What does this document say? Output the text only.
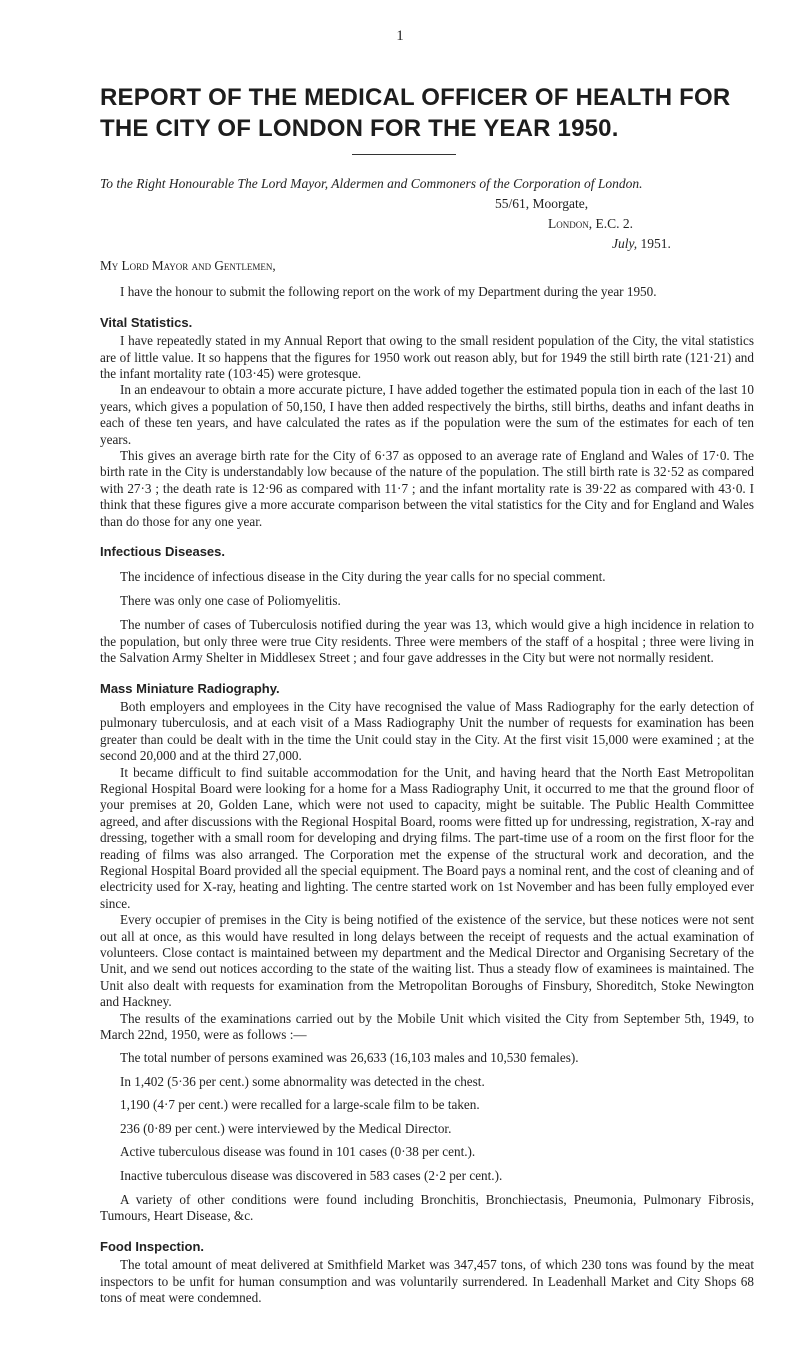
1
REPORT OF THE MEDICAL OFFICER OF HEALTH FOR THE CITY OF LONDON FOR THE YEAR 1950.
To the Right Honourable The Lord Mayor, Aldermen and Commoners of the Corporation of London.
55/61, Moorgate,
London, E.C. 2.
July, 1951.

My Lord Mayor and Gentlemen,

I have the honour to submit the following report on the work of my Department during the year 1950.

Vital Statistics.

I have repeatedly stated in my Annual Report that owing to the small resident population of the City, the vital statistics are of little value. It so happens that the figures for 1950 work out reason ably, but for 1949 the still birth rate (121·21) and the infant mortality rate (103·45) were grotesque.

In an endeavour to obtain a more accurate picture, I have added together the estimated popula tion in each of the last 10 years, which gives a population of 50,150, I have then added respectively the births, still births, deaths and infant deaths in each of these ten years, and have calculated the rates as if the population were the sum of the estimates for each of ten years.

This gives an average birth rate for the City of 6·37 as opposed to an average rate of England and Wales of 17·0. The birth rate in the City is understandably low because of the nature of the population. The still birth rate is 32·52 as compared with 27·3 ; the death rate is 12·96 as compared with 11·7 ; and the infant mortality rate is 39·22 as compared with 43·0. I think that these figures give a more accurate comparison between the vital statistics for the City and for England and Wales than do those for any one year.

Infectious Diseases.

The incidence of infectious disease in the City during the year calls for no special comment.

There was only one case of Poliomyelitis.

The number of cases of Tuberculosis notified during the year was 13, which would give a high incidence in relation to the population, but only three were true City residents. Three were members of the staff of a hospital ; three were living in the Salvation Army Shelter in Middlesex Street ; and four gave addresses in the City but were not normally resident.

Mass Miniature Radiography.

Both employers and employees in the City have recognised the value of Mass Radiography for the early detection of pulmonary tuberculosis, and at each visit of a Mass Radiography Unit the number of requests for examination has been greater than could be dealt with in the time the Unit could stay in the City. At the first visit 15,000 were examined ; at the second 20,000 and at the third 27,000.

It became difficult to find suitable accommodation for the Unit, and having heard that the North East Metropolitan Regional Hospital Board were looking for a home for a Mass Radiography Unit, it occurred to me that the ground floor of your premises at 20, Golden Lane, which were not used to capacity, might be suitable. The Public Health Committee agreed, and after discussions with the Regional Hospital Board, rooms were fitted up for undressing, registration, X-ray and dressing, together with a small room for developing and drying films. The part-time use of a room on the first floor for the reading of films was also arranged. The Corporation met the expense of the structural work and decoration, and the Regional Hospital Board provided all the special equipment. The Board pays a nominal rent, and the cost of cleaning and of electricity used for X-ray, heating and lighting. The centre started work on 1st November and has been fully employed ever since.

Every occupier of premises in the City is being notified of the existence of the service, but these notices were not sent out all at once, as this would have resulted in long delays between the receipt of requests and the actual examination of volunteers. Close contact is maintained between my department and the Medical Director and Organising Secretary of the Unit, and we send out notices according to the state of the waiting list. Thus a steady flow of examinees is maintained. The Unit also dealt with requests for examination from the Metropolitan Boroughs of Finsbury, Shoreditch, Stoke Newington and Hackney.

The results of the examinations carried out by the Mobile Unit which visited the City from September 5th, 1949, to March 22nd, 1950, were as follows :—

The total number of persons examined was 26,633 (16,103 males and 10,530 females).

In 1,402 (5·36 per cent.) some abnormality was detected in the chest.

1,190 (4·7 per cent.) were recalled for a large-scale film to be taken.

236 (0·89 per cent.) were interviewed by the Medical Director.

Active tuberculous disease was found in 101 cases (0·38 per cent.).

Inactive tuberculous disease was discovered in 583 cases (2·2 per cent.).

A variety of other conditions were found including Bronchitis, Bronchiectasis, Pneumonia, Pulmonary Fibrosis, Tumours, Heart Disease, &c.

Food Inspection.

The total amount of meat delivered at Smithfield Market was 347,457 tons, of which 230 tons was found by the meat inspectors to be unfit for human consumption and was voluntarily surrendered. In Leadenhall Market and City Shops 68 tons of meat were condemned.
